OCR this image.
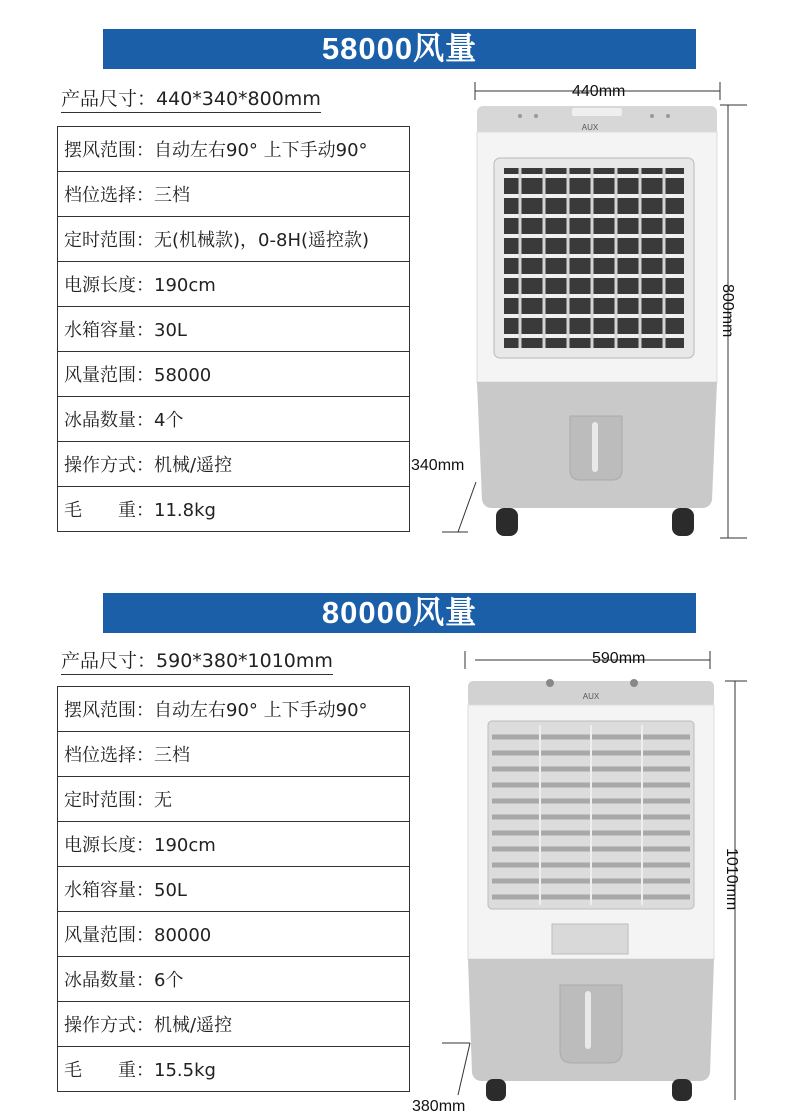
58000风量
产品尺寸：440*340*800mm
摆风范围：自动左右90° 上下手动90°
档位选择：三档
定时范围：无(机械款)，0-8H(遥控款)
电源长度：190cm
水箱容量：30L
风量范围：58000
冰晶数量：4个
操作方式：机械/遥控
毛　　重：11.8kg
AUX
440mm
800mm
340mm
80000风量
产品尺寸：590*380*1010mm
摆风范围：自动左右90° 上下手动90°
档位选择：三档
定时范围：无
电源长度：190cm
水箱容量：50L
风量范围：80000
冰晶数量：6个
操作方式：机械/遥控
毛　　重：15.5kg
AUX
590mm
1010mm
380mm
